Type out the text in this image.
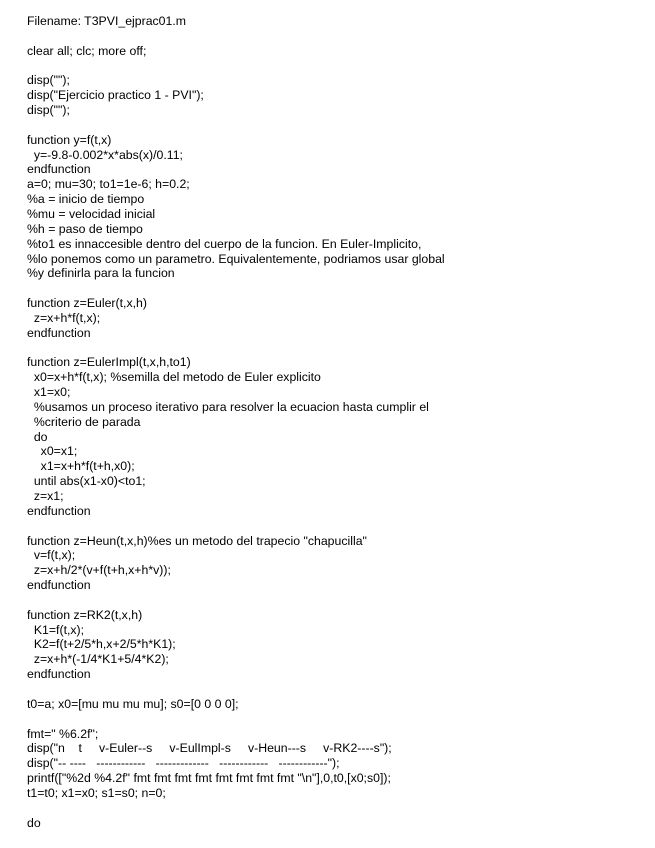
Filename: T3PVI_ejprac01.m
clear all; clc; more off;
disp("");
disp("Ejercicio practico 1 - PVI");
disp("");
function y=f(t,x)
y=-9.8-0.002*x*abs(x)/0.11;
endfunction
a=0; mu=30; to1=1e-6; h=0.2;
%a = inicio de tiempo
%mu = velocidad inicial
%h = paso de tiempo
%to1 es innaccesible dentro del cuerpo de la funcion. En Euler-Implicito,
%lo ponemos como un parametro. Equivalentemente, podriamos usar global
%y definirla para la funcion
function z=Euler(t,x,h)
z=x+h*f(t,x);
endfunction
function z=EulerImpl(t,x,h,to1)
x0=x+h*f(t,x); %semilla del metodo de Euler explicito
x1=x0;
%usamos un proceso iterativo para resolver la ecuacion hasta cumplir el
%criterio de parada
do
x0=x1;
x1=x+h*f(t+h,x0);
until abs(x1-x0)<to1;
z=x1;
endfunction
function z=Heun(t,x,h)%es un metodo del trapecio "chapucilla"
v=f(t,x);
z=x+h/2*(v+f(t+h,x+h*v));
endfunction
function z=RK2(t,x,h)
K1=f(t,x);
K2=f(t+2/5*h,x+2/5*h*K1);
z=x+h*(-1/4*K1+5/4*K2);
endfunction
t0=a; x0=[mu mu mu mu]; s0=[0 0 0 0];
fmt=" %6.2f";
disp("n    t     v-Euler--s     v-EulImpl-s     v-Heun---s     v-RK2----s");
disp("-- ----   ------------   -------------   ------------   ------------");
printf(["%2d %4.2f" fmt fmt fmt fmt fmt fmt fmt fmt "\n"],0,t0,[x0;s0]);
t1=t0; x1=x0; s1=s0; n=0;
do
